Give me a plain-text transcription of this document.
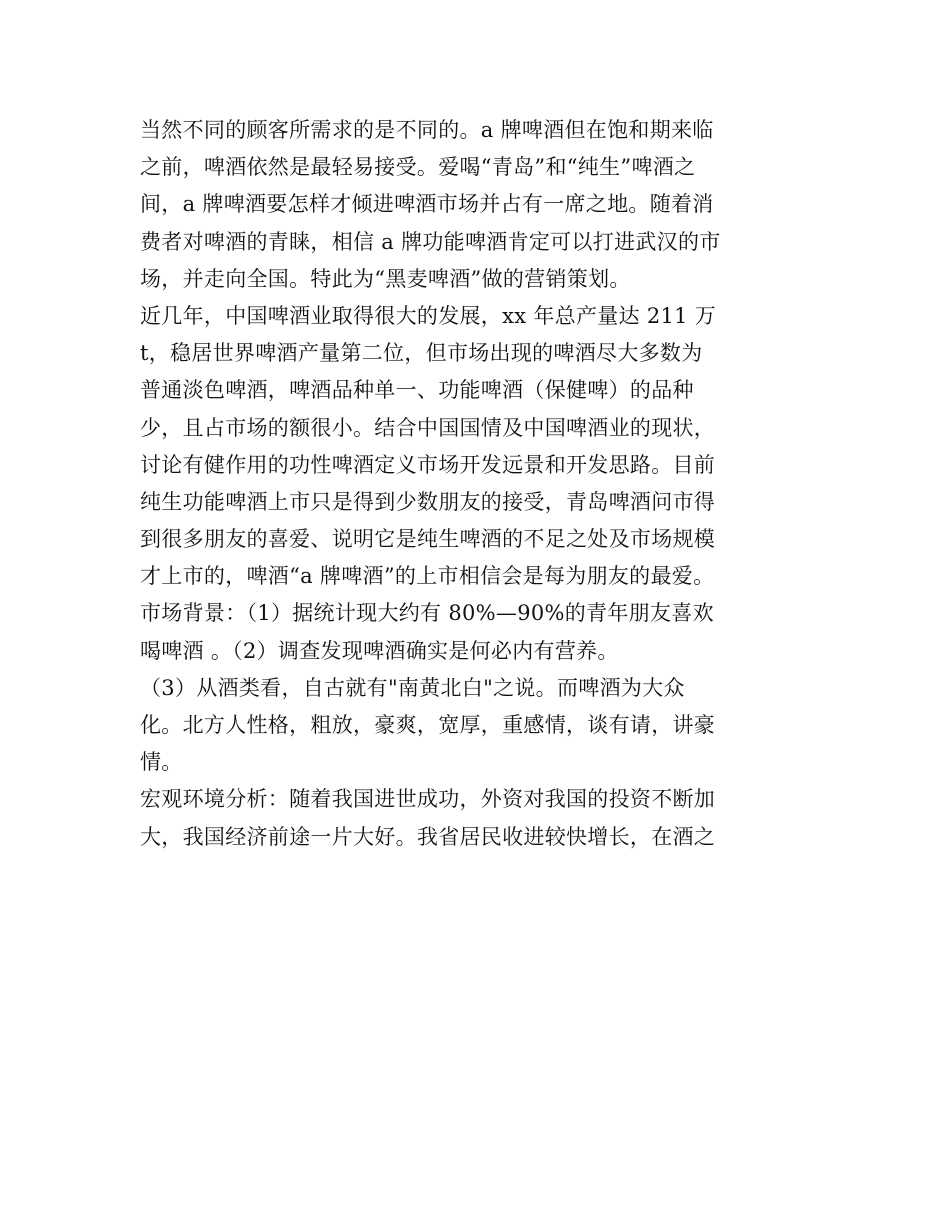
当然不同的顾客所需求的是不同的。a 牌啤酒但在饱和期来临
之前，啤酒依然是最轻易接受。爱喝“青岛”和“纯生”啤酒之
间，a 牌啤酒要怎样才倾进啤酒市场并占有一席之地。随着消
费者对啤酒的青睐，相信 a 牌功能啤酒肯定可以打进武汉的市
场，并走向全国。特此为“黑麦啤酒”做的营销策划。
近几年，中国啤酒业取得很大的发展，xx 年总产量达 211 万
t，稳居世界啤酒产量第二位，但市场出现的啤酒尽大多数为
普通淡色啤酒，啤酒品种单一、功能啤酒（保健啤）的品种
少，且占市场的额很小。结合中国国情及中国啤酒业的现状，
讨论有健作用的功性啤酒定义市场开发远景和开发思路。目前
纯生功能啤酒上市只是得到少数朋友的接受，青岛啤酒问市得
到很多朋友的喜爱、说明它是纯生啤酒的不足之处及市场规模
才上市的，啤酒“a 牌啤酒”的上市相信会是每为朋友的最爱。
市场背景：（1）据统计现大约有 80%—90%的青年朋友喜欢
喝啤酒 。（2）调查发现啤酒确实是何必内有营养。
（3）从酒类看，自古就有"南黄北白"之说。而啤酒为大众
化。北方人性格，粗放，豪爽，宽厚，重感情，谈有请，讲豪
情。
宏观环境分析：随着我国进世成功，外资对我国的投资不断加
大，我国经济前途一片大好。我省居民收进较快增长，在酒之
